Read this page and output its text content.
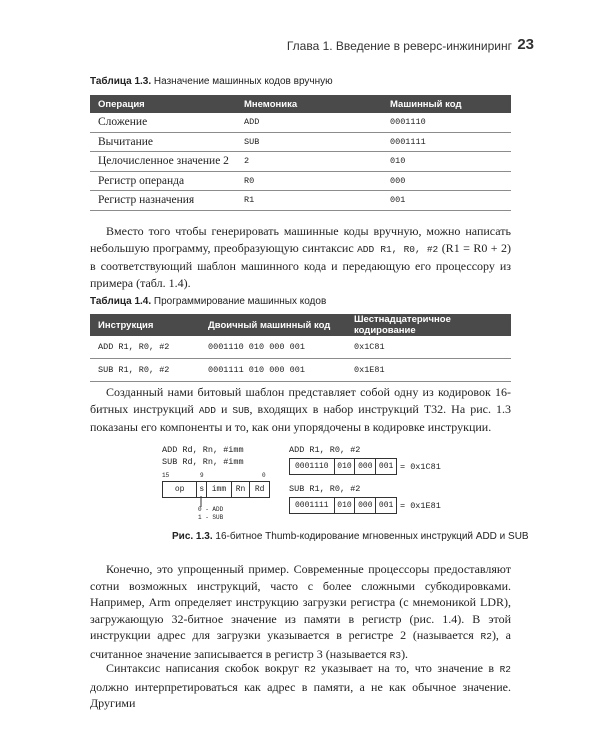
Глава 1. Введение в реверс-инжиниринг 23
Таблица 1.3. Назначение машинных кодов вручную
Операция	Мнемоника	Машинный код
Сложение	ADD	0001110
Вычитание	SUB	0001111
Целочисленное значение 2	2	010
Регистр операнда	R0	000
Регистр назначения	R1	001
Вместо того чтобы генерировать машинные коды вручную, можно написать небольшую программу, преобразующую синтаксис ADD R1, R0, #2 (R1 = R0 + 2) в соответствующий шаблон машинного кода и передающую его процессору из примера (табл. 1.4).
Таблица 1.4. Программирование машинных кодов
Инструкция	Двоичный машинный код	Шестнадцатеричное кодирование
ADD R1, R0, #2	0001110 010 000 001	0x1C81
SUB R1, R0, #2	0001111 010 000 001	0x1E81
Созданный нами битовый шаблон представляет собой одну из кодировок 16-битных инструкций ADD и SUB, входящих в набор инструкций T32. На рис. 1.3 показаны его компоненты и то, как они упорядочены в кодировке инструкции.
ADD Rd, Rn, #imm
SUB Rd, Rn, #imm
15	9	0
op	s imm	Rn	Rd
0 - ADD
1 - SUB
ADD R1, R0, #2
0001110	010 000 001 = 0x1C81
SUB R1, R0, #2
0001111	010 000 001 = 0x1E81
Рис. 1.3. 16-битное Thumb-кодирование мгновенных инструкций ADD и SUB
Конечно, это упрощенный пример. Современные процессоры предоставляют сотни возможных инструкций, часто с более сложными субкодировками. Например, Arm определяет инструкцию загрузки регистра (с мнемоникой LDR), загружающую 32-битное значение из памяти в регистр (рис. 1.4). В этой инструкции адрес для загрузки указывается в регистре 2 (называется R2), а считанное значение записывается в регистр 3 (называется R3).
Синтаксис написания скобок вокруг R2 указывает на то, что значение в R2 должно интерпретироваться как адрес в памяти, а не как обычное значение. Другими
